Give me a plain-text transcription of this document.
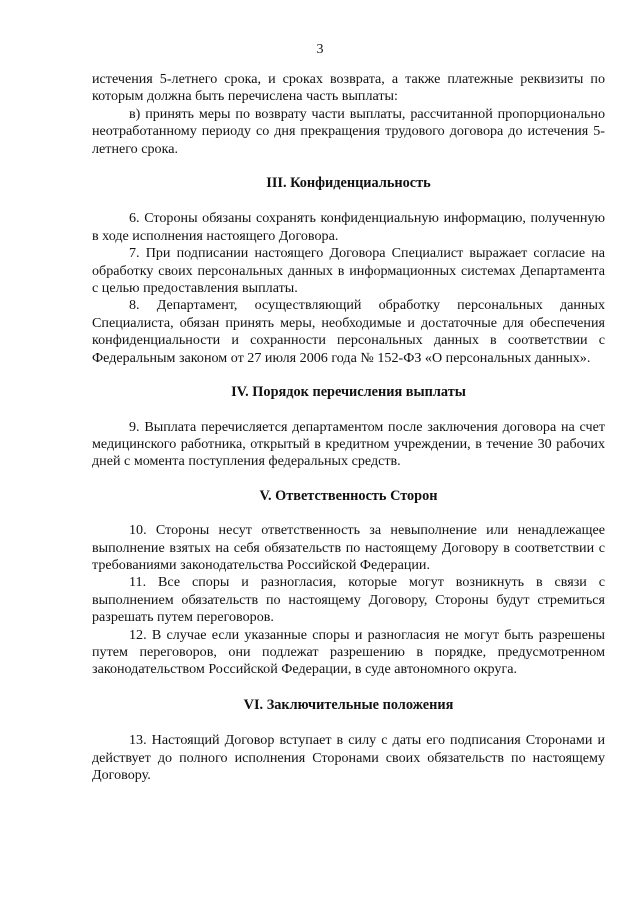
3

истечения 5-летнего срока, и сроках возврата, а также платежные реквизиты по которым должна быть перечислена часть выплаты:

в) принять меры по возврату части выплаты, рассчитанной пропорционально неотработанному периоду со дня прекращения трудового договора до истечения 5-летнего срока.

III. Конфиденциальность

6. Стороны обязаны сохранять конфиденциальную информацию, полученную в ходе исполнения настоящего Договора.

7. При подписании настоящего Договора Специалист выражает согласие на обработку своих персональных данных в информационных системах Департамента с целью предоставления выплаты.

8. Департамент, осуществляющий обработку персональных данных Специалиста, обязан принять меры, необходимые и достаточные для обеспечения конфиденциальности и сохранности персональных данных в соответствии с Федеральным законом от 27 июля 2006 года № 152-ФЗ «О персональных данных».

IV. Порядок перечисления выплаты

9. Выплата перечисляется департаментом после заключения договора на счет медицинского работника, открытый в кредитном учреждении, в течение 30 рабочих дней с момента поступления федеральных средств.

V. Ответственность Сторон

10. Стороны несут ответственность за невыполнение или ненадлежащее выполнение взятых на себя обязательств по настоящему Договору в соответствии с требованиями законодательства Российской Федерации.

11. Все споры и разногласия, которые могут возникнуть в связи с выполнением обязательств по настоящему Договору, Стороны будут стремиться разрешать путем переговоров.

12. В случае если указанные споры и разногласия не могут быть разрешены путем переговоров, они подлежат разрешению в порядке, предусмотренном законодательством Российской Федерации, в суде автономного округа.

VI. Заключительные положения

13. Настоящий Договор вступает в силу с даты его подписания Сторонами и действует до полного исполнения Сторонами своих обязательств по настоящему Договору.
